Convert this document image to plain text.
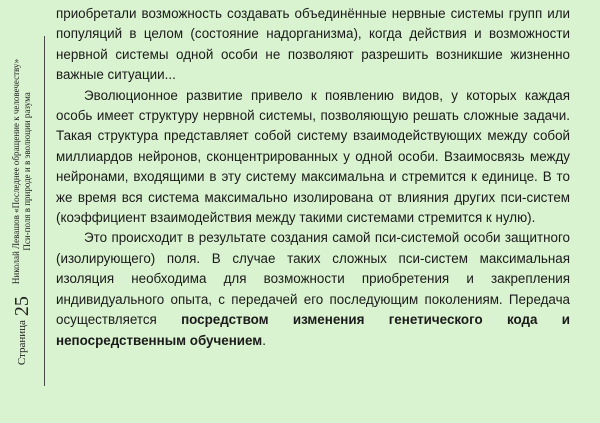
Страница
25
Николай Левашов «Последнее обращение к человечеству» Пси-поля в природе и в эволюции разума

приобретали возможность создавать объединённые нервные системы групп или популяций в целом (состояние надорганизма), когда действия и возможности нервной системы одной особи не позволяют разрешить возникшие жизненно важные ситуации...

Эволюционное развитие привело к появлению видов, у которых каждая особь имеет структуру нервной системы, позволяющую решать сложные задачи. Такая структура представляет собой систему взаимодействующих между собой миллиардов нейронов, сконцентрированных у одной особи. Взаимосвязь между нейронами, входящими в эту систему максимальна и стремится к единице. В то же время вся система максимально изолирована от влияния других пси-систем (коэффициент взаимодействия между такими системами стремится к нулю).

Это происходит в результате создания самой пси-системой особи защитного (изолирующего) поля. В случае таких сложных пси-систем максимальная изоляция необходима для возможности приобретения и закрепления индивидуального опыта, с передачей его последующим поколениям. Передача осуществляется посредством изменения генетического кода и непосредственным обучением.
